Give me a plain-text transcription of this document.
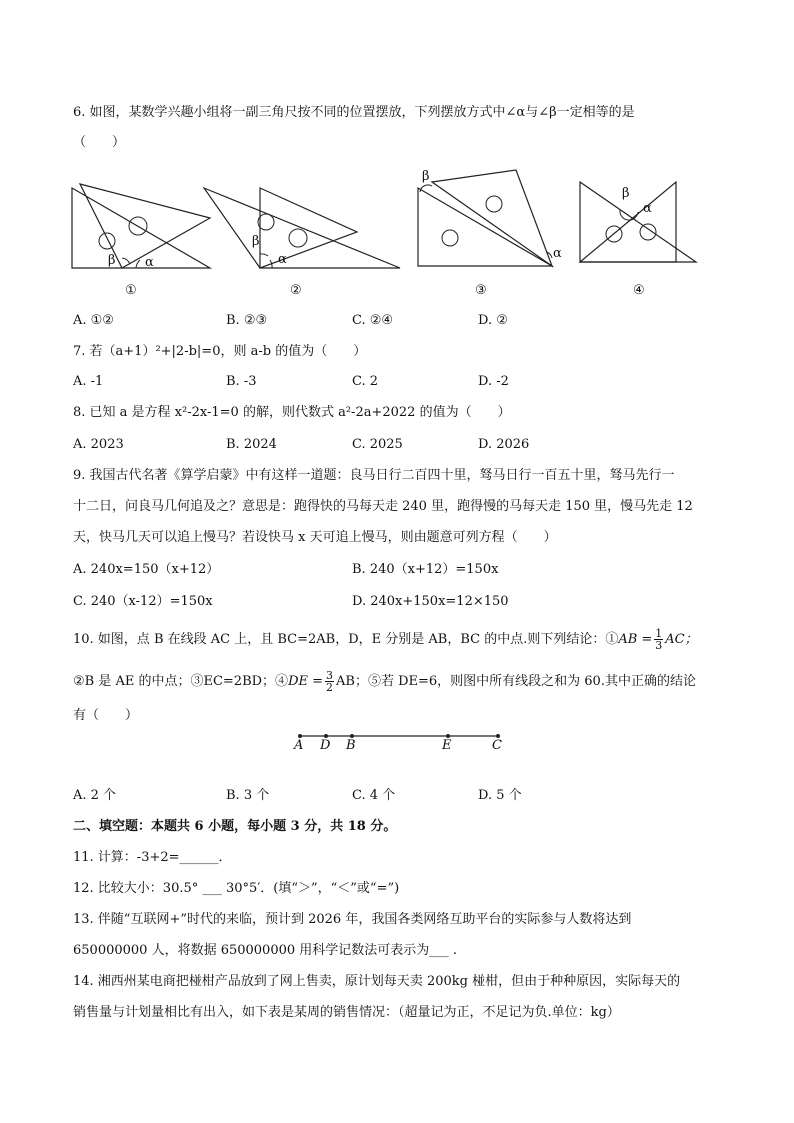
6. 如图，某数学兴趣小组将一副三角尺按不同的位置摆放，下列摆放方式中∠α与∠β一定相等的是
（　　）
β α
①
β
α
②
β
α
③
β
α
④
A. ①②	B. ②③	C. ②④	D. ②
7. 若（a+1）²+|2-b|=0，则 a-b 的值为（　　）
A. -1	B. -3	C. 2	D. -2
8. 已知 a 是方程 x²-2x-1=0 的解，则代数式 a²-2a+2022 的值为（　　）
A. 2023	B. 2024	C. 2025	D. 2026
9. 我国古代名著《算学启蒙》中有这样一道题：良马日行二百四十里，驽马日行一百五十里，驽马先行一
十二日，问良马几何追及之？意思是：跑得快的马每天走 240 里，跑得慢的马每天走 150 里，慢马先走 12
天，快马几天可以追上慢马？若设快马 x 天可追上慢马，则由题意可列方程（　　）
A. 240x=150（x+12）	B. 240（x+12）=150x
C. 240（x-12）=150x	D. 240x+150x=12×150
10. 如图，点 B 在线段 AC 上，且 BC=2AB，D，E 分别是 AB，BC 的中点.则下列结论：①AB = $\frac{1}{3}$ AC；
②B 是 AE 的中点；③EC=2BD；④DE = $\frac{3}{2}$ AB；⑤若 DE=6，则图中所有线段之和为 60.其中正确的结论
有（　　）
A D B	E	C
A. 2 个	B. 3 个	C. 4 个	D. 5 个
二、填空题：本题共 6 小题，每小题 3 分，共 18 分。
11. 计算：-3+2=______．
12. 比较大小：30.5° ___ 30°5′．(填“＞”，“＜”或“=”)
13. 伴随“互联网+”时代的来临，预计到 2026 年，我国各类网络互助平台的实际参与人数将达到
650000000 人，将数据 650000000 用科学记数法可表示为___ .
14. 湘西州某电商把椪柑产品放到了网上售卖，原计划每天卖 200kg 椪柑，但由于种种原因，实际每天的
销售量与计划量相比有出入，如下表是某周的销售情况：（超量记为正，不足记为负.单位：kg）
